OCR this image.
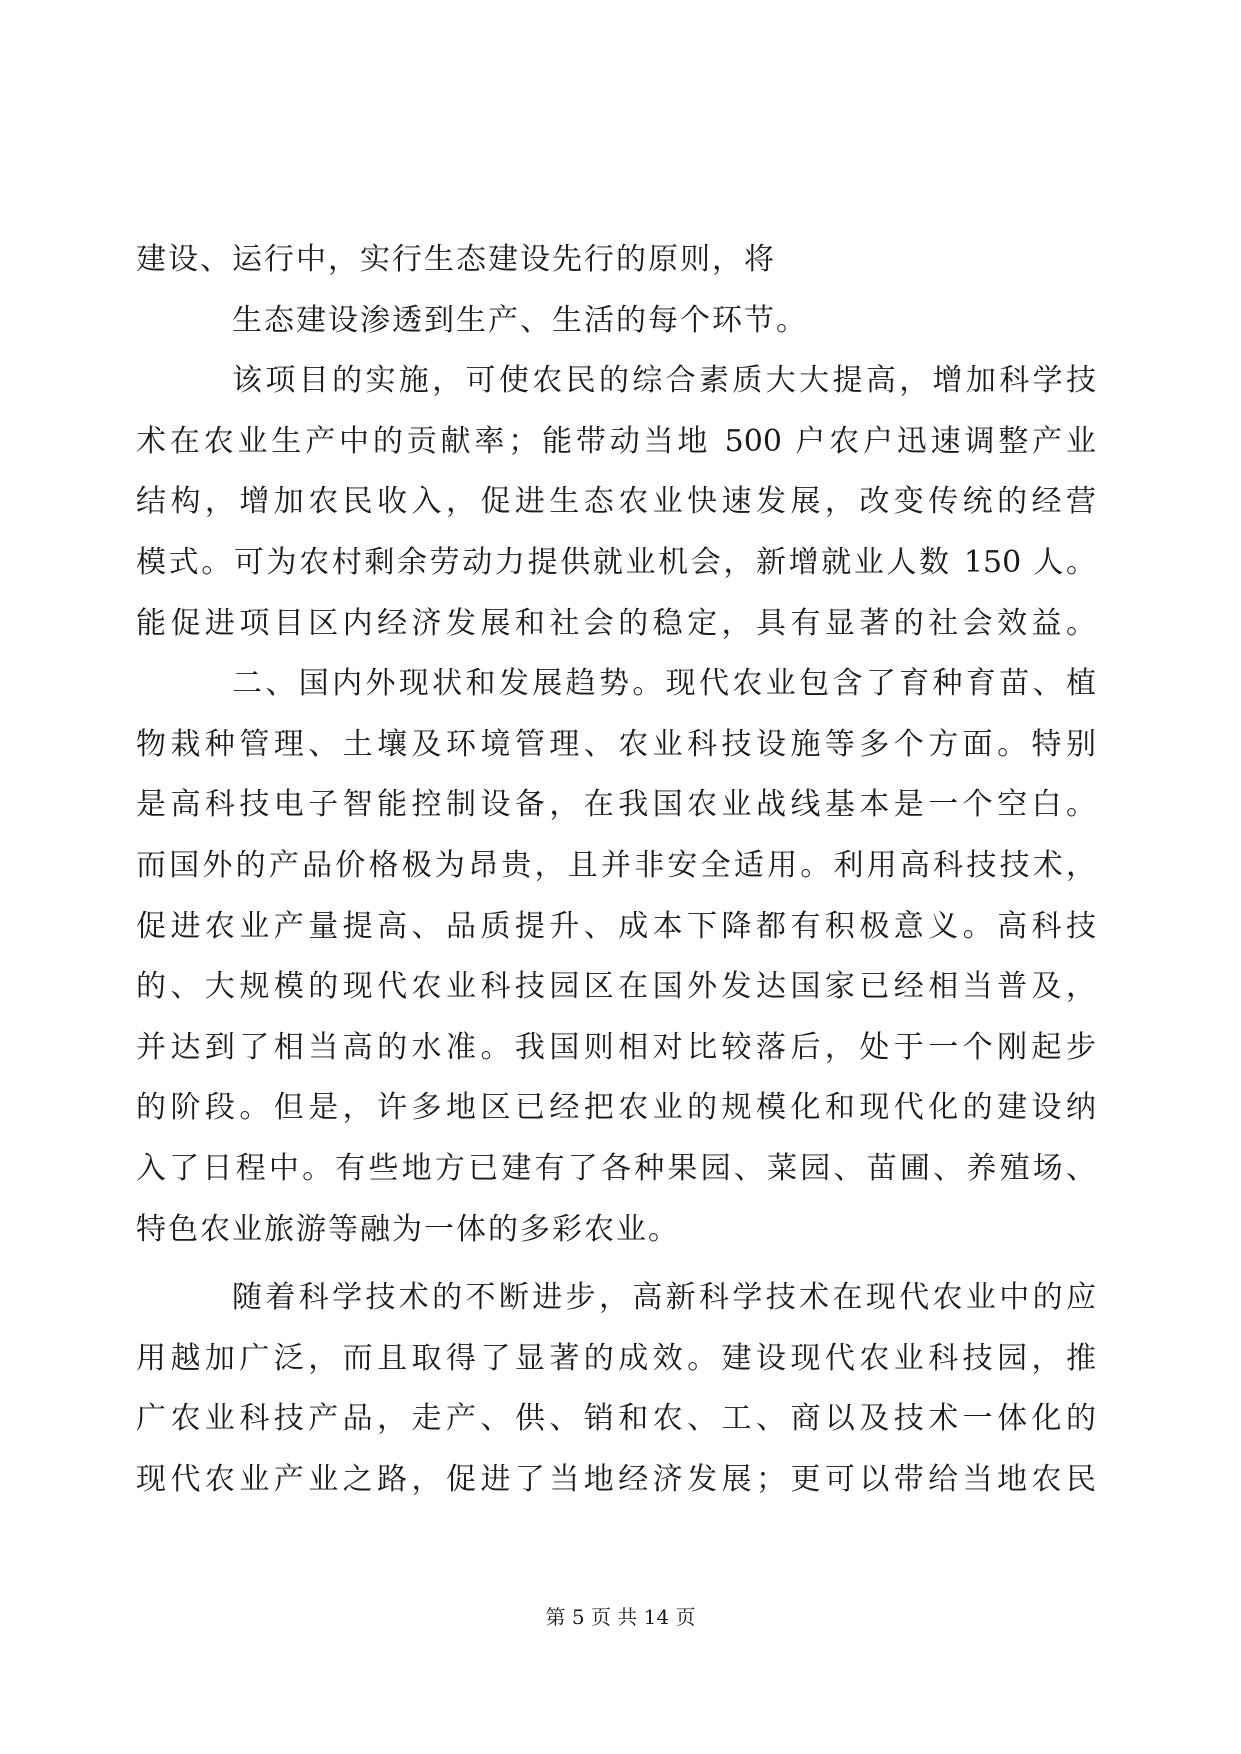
建设、运行中，实行生态建设先行的原则，将
生态建设渗透到生产、生活的每个环节。
该项目的实施，可使农民的综合素质大大提高，增加科学技
术在农业生产中的贡献率；能带动当地 500 户农户迅速调整产业
结构，增加农民收入，促进生态农业快速发展，改变传统的经营
模式。可为农村剩余劳动力提供就业机会，新增就业人数 150 人。
能促进项目区内经济发展和社会的稳定，具有显著的社会效益。
二、国内外现状和发展趋势。现代农业包含了育种育苗、植
物栽种管理、土壤及环境管理、农业科技设施等多个方面。特别
是高科技电子智能控制设备，在我国农业战线基本是一个空白。
而国外的产品价格极为昂贵，且并非安全适用。利用高科技技术，
促进农业产量提高、品质提升、成本下降都有积极意义。高科技
的、大规模的现代农业科技园区在国外发达国家已经相当普及，
并达到了相当高的水准。我国则相对比较落后，处于一个刚起步
的阶段。但是，许多地区已经把农业的规模化和现代化的建设纳
入了日程中。有些地方已建有了各种果园、菜园、苗圃、养殖场、
特色农业旅游等融为一体的多彩农业。
随着科学技术的不断进步，高新科学技术在现代农业中的应
用越加广泛，而且取得了显著的成效。建设现代农业科技园，推
广农业科技产品，走产、供、销和农、工、商以及技术一体化的
现代农业产业之路，促进了当地经济发展；更可以带给当地农民
第 5 页 共 14 页
